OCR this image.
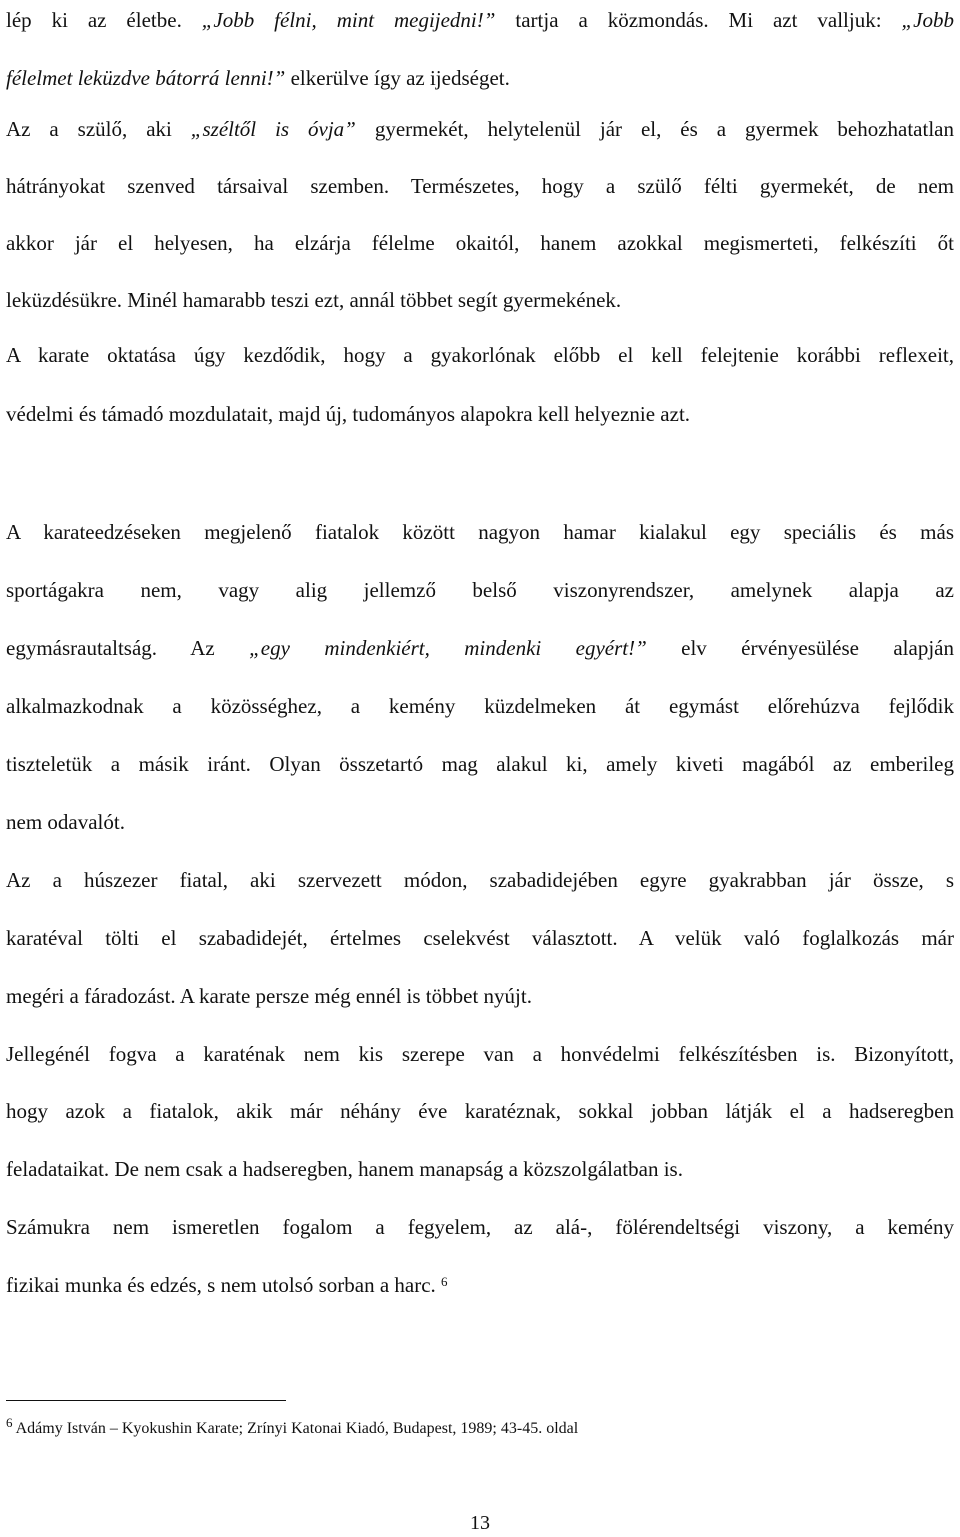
lép ki az életbe. „Jobb félni, mint megijedni!” tartja a közmondás. Mi azt valljuk: „Jobb
félelmet leküzdve bátorrá lenni!” elkerülve így az ijedséget.
Az a szülő, aki „széltől is óvja” gyermekét, helytelenül jár el, és a gyermek behozhatatlan
hátrányokat szenved társaival szemben. Természetes, hogy a szülő félti gyermekét, de nem
akkor jár el helyesen, ha elzárja félelme okaitól, hanem azokkal megismerteti, felkészíti őt
leküzdésükre. Minél hamarabb teszi ezt, annál többet segít gyermekének.
A karate oktatása úgy kezdődik, hogy a gyakorlónak előbb el kell felejtenie korábbi reflexeit,
védelmi és támadó mozdulatait, majd új, tudományos alapokra kell helyeznie azt.
A karateedzéseken megjelenő fiatalok között nagyon hamar kialakul egy speciális és más
sportágakra nem, vagy alig jellemző belső viszonyrendszer, amelynek alapja az
egymásrautaltság. Az „egy mindenkiért, mindenki egyért!” elv érvényesülése alapján
alkalmazkodnak a közösséghez, a kemény küzdelmeken át egymást előrehúzva fejlődik
tiszteletük a másik iránt. Olyan összetartó mag alakul ki, amely kiveti magából az emberileg
nem odavalót.
Az a húszezer fiatal, aki szervezett módon, szabadidejében egyre gyakrabban jár össze, s
karatéval tölti el szabadidejét, értelmes cselekvést választott. A velük való foglalkozás már
megéri a fáradozást. A karate persze még ennél is többet nyújt.
Jellegénél fogva a karaténak nem kis szerepe van a honvédelmi felkészítésben is. Bizonyított,
hogy azok a fiatalok, akik már néhány éve karatéznak, sokkal jobban látják el a hadseregben
feladataikat. De nem csak a hadseregben, hanem manapság a közszolgálatban is.
Számukra nem ismeretlen fogalom a fegyelem, az alá-, fölérendeltségi viszony, a kemény
fizikai munka és edzés, s nem utolsó sorban a harc. $^6$
$^6$ Adámy István – Kyokushin Karate; Zrínyi Katonai Kiadó, Budapest, 1989; 43-45. oldal
13
